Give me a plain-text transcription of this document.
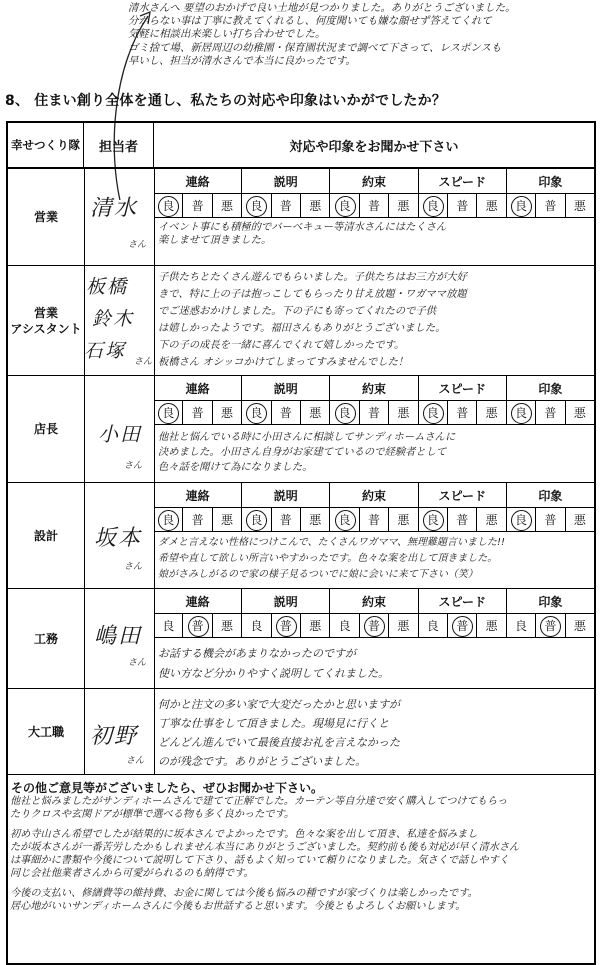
清水さんへ 要望のおかげで良い土地が見つかりました。ありがとうございました。
分からない事は丁寧に教えてくれるし、何度聞いても嫌な顔せず答えてくれて
気軽に相談出来楽しい打ち合わせでした。
ゴミ捨て場、新居周辺の幼稚園・保育園状況まで調べて下さって、レスポンスも
早いし、担当が清水さんで本当に良かったです。
8、 住まい創り全体を通し、私たちの対応や印象はいかがでしたか？
幸せつくり隊	担当者	対応や印象をお聞かせ下さい
営業	清水
さん
連絡	説明	約束	スピード	印象
良	普	悪	良	普	悪	良	普	悪	良	普	悪	良	普	悪
イベント事にも積極的でバーベキュー等清水さんにはたくさん
楽しませて頂きました。
営業
アシスタント
板橋
鈴木
石塚 さん
子供たちとたくさん遊んでもらいました。子供たちはお三方が大好
きで、特に上の子は抱っこしてもらったり甘え放題・ワガママ放題
でご迷惑おかけしました。下の子にも寄ってくれたので子供
は嬉しかったようです。福田さんもありがとうございました。
下の子の成長を一緒に喜んでくれて嬉しかったです。
板橋さん オシッコかけてしまってすみませんでした！
店長	小田
さん
連絡	説明	約束	スピード	印象
良	普	悪	良	普	悪	良	普	悪	良	普	悪	良	普	悪
他社と悩んでいる時に小田さんに相談してサンディホームさんに
決めました。小田さん自身がお家建てているので経験者として
色々話を聞けて為になりました。
設計	坂本
さん
連絡	説明	約束	スピード	印象
良	普	悪	良	普	悪	良	普	悪	良	普	悪	良	普	悪
ダメと言えない性格につけこんで、たくさんワガママ、無理難題言いました!!
希望や直して欲しい所言いやすかったです。色々な案を出して頂きました。
娘がさみしがるので家の様子見るついでに娘に会いに来て下さい（笑）
工務	嶋田
さん
連絡	説明	約束	スピード	印象
良	普	悪	良	普	悪	良	普	悪	良	普	悪	良	普	悪
お話する機会があまりなかったのですが
使い方など分かりやすく説明してくれました。
大工職	初野
さん
何かと注文の多い家で大変だったかと思いますが
丁寧な仕事をして頂きました。現場見に行くと
どんどん進んでいて最後直接お礼を言えなかった
のが残念です。ありがとうございました。
その他ご意見等がございましたら、ぜひお聞かせ下さい。
他社と悩みましたがサンディホームさんで建てて正解でした。カーテン等自分達で安く購入してつけてもらっ
たりクロスや玄関ドアが標準で選べる物も多く良かったです。
初め寺山さん希望でしたが結果的に坂本さんでよかったです。色々な案を出して頂き、私達を悩みまし
たが坂本さんが一番苦労したかもしれません本当にありがとうございました。契約前も後も対応が早く清水さん
は事細かに書類や今後について説明して下さり、話もよく知っていて頼りになりました。気さくで話しやすく
同じ会社他業者さんから可愛がられるのも納得です。
今後の支払い、修繕費等の維持費、お金に関しては今後も悩みの種ですが家づくりは楽しかったです。
居心地がいいサンディホームさんに今後もお世話すると思います。今後ともよろしくお願いします。
